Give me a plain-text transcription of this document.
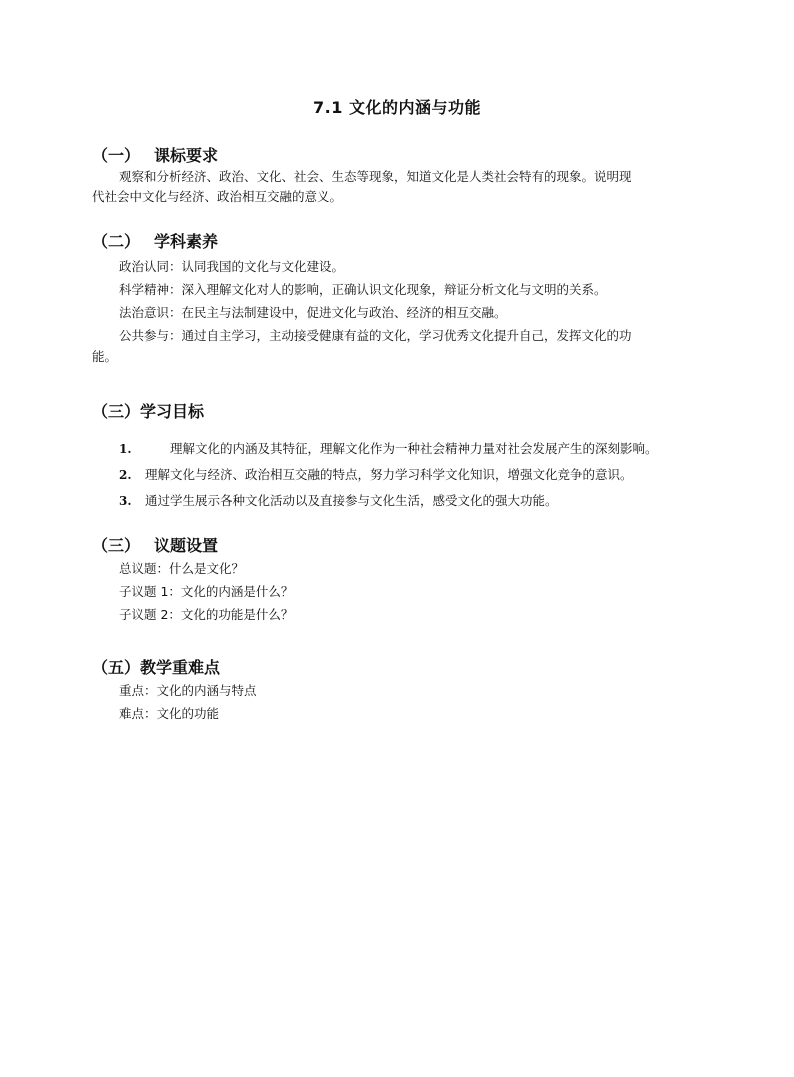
7.1 文化的内涵与功能
（一） 课标要求
观察和分析经济、政治、文化、社会、生态等现象，知道文化是人类社会特有的现象。说明现
代社会中文化与经济、政治相互交融的意义。
（二） 学科素养
政治认同：认同我国的文化与文化建设。
科学精神：深入理解文化对人的影响，正确认识文化现象，辩证分析文化与文明的关系。
法治意识：在民主与法制建设中，促进文化与政治、经济的相互交融。
公共参与：通过自主学习，主动接受健康有益的文化，学习优秀文化提升自己，发挥文化的功
能。
（三）学习目标
1.	理解文化的内涵及其特征，理解文化作为一种社会精神力量对社会发展产生的深刻影响。
2. 理解文化与经济、政治相互交融的特点，努力学习科学文化知识，增强文化竞争的意识。
3. 通过学生展示各种文化活动以及直接参与文化生活，感受文化的强大功能。
（三） 议题设置
总议题：什么是文化？
子议题 1：文化的内涵是什么？
子议题 2：文化的功能是什么？
（五）教学重难点
重点：文化的内涵与特点
难点：文化的功能
